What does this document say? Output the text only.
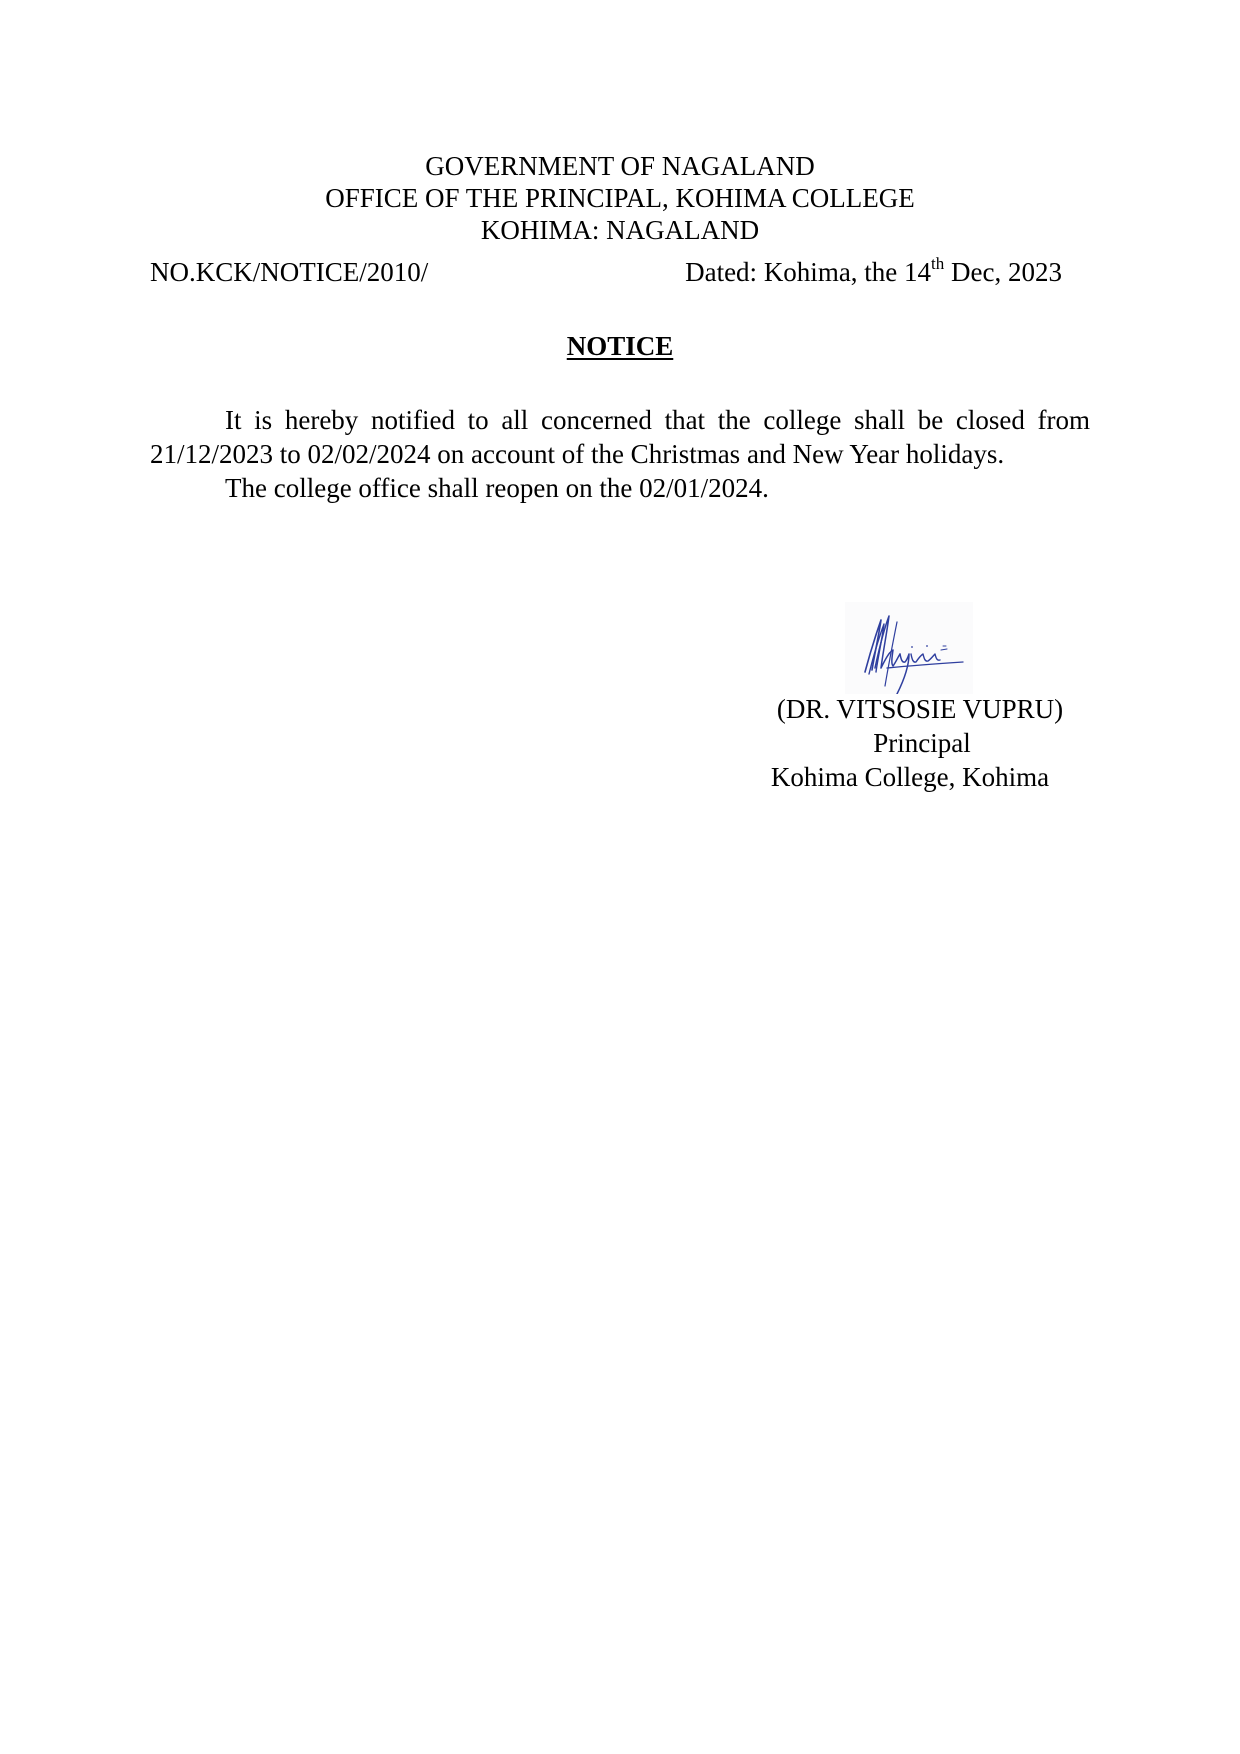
GOVERNMENT OF NAGALAND
OFFICE OF THE PRINCIPAL, KOHIMA COLLEGE
KOHIMA: NAGALAND
NO.KCK/NOTICE/2010/	Dated: Kohima, the 14th Dec, 2023
NOTICE

It is hereby notified to all concerned that the college shall be closed from 21/12/2023 to 02/02/2024 on account of the Christmas and New Year holidays.

The college office shall reopen on the 02/01/2024.

(DR. VITSOSIE VUPRU)
Principal
Kohima College, Kohima
